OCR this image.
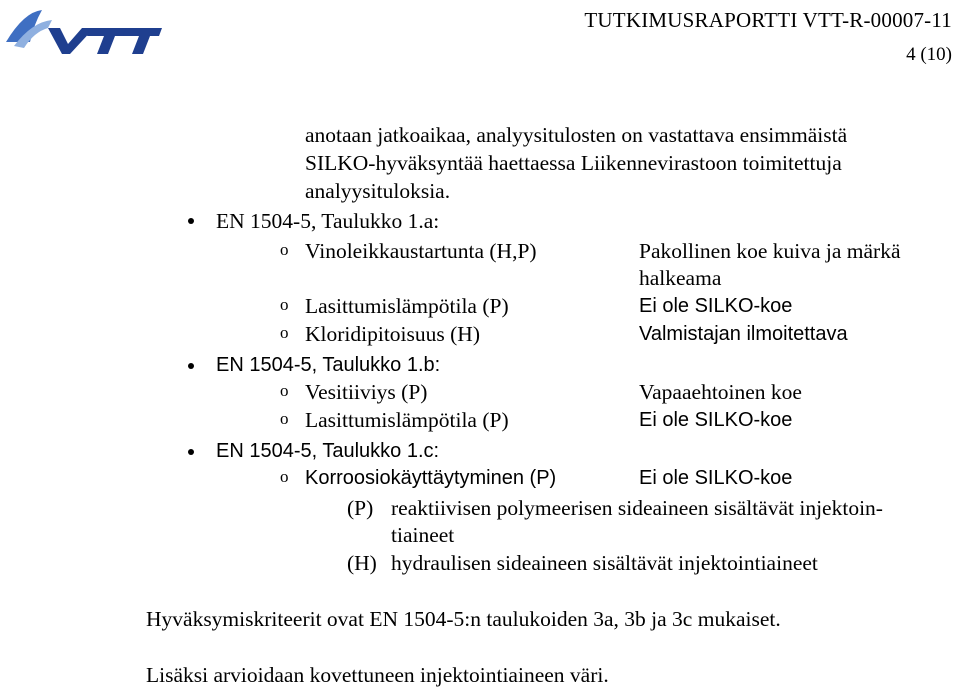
TUTKIMUSRAPORTTI VTT-R-00007-11
4 (10)
anotaan jatkoaikaa, analyysitulosten on vastattava ensimmäistä
SILKO-hyväksyntää haettaessa Liikennevirastoon toimitettuja
analyysituloksia.
EN 1504-5, Taulukko 1.a:
o Vinoleikkaustartunta (H,P)	Pakollinen koe kuiva ja märkä
halkeama
o Lasittumislämpötila (P)	Ei ole SILKO-koe
o Kloridipitoisuus (H)	Valmistajan ilmoitettava
EN 1504-5, Taulukko 1.b:
o Vesitiiviys (P)	Vapaaehtoinen koe
o Lasittumislämpötila (P)	Ei ole SILKO-koe
EN 1504-5, Taulukko 1.c:
o Korroosiokäyttäytyminen (P)	Ei ole SILKO-koe
(P) reaktiivisen polymeerisen sideaineen sisältävät injektoin-
tiaineet
(H) hydraulisen sideaineen sisältävät injektointiaineet
Hyväksymiskriteerit ovat EN 1504-5:n taulukoiden 3a, 3b ja 3c mukaiset.
Lisäksi arvioidaan kovettuneen injektointiaineen väri.
